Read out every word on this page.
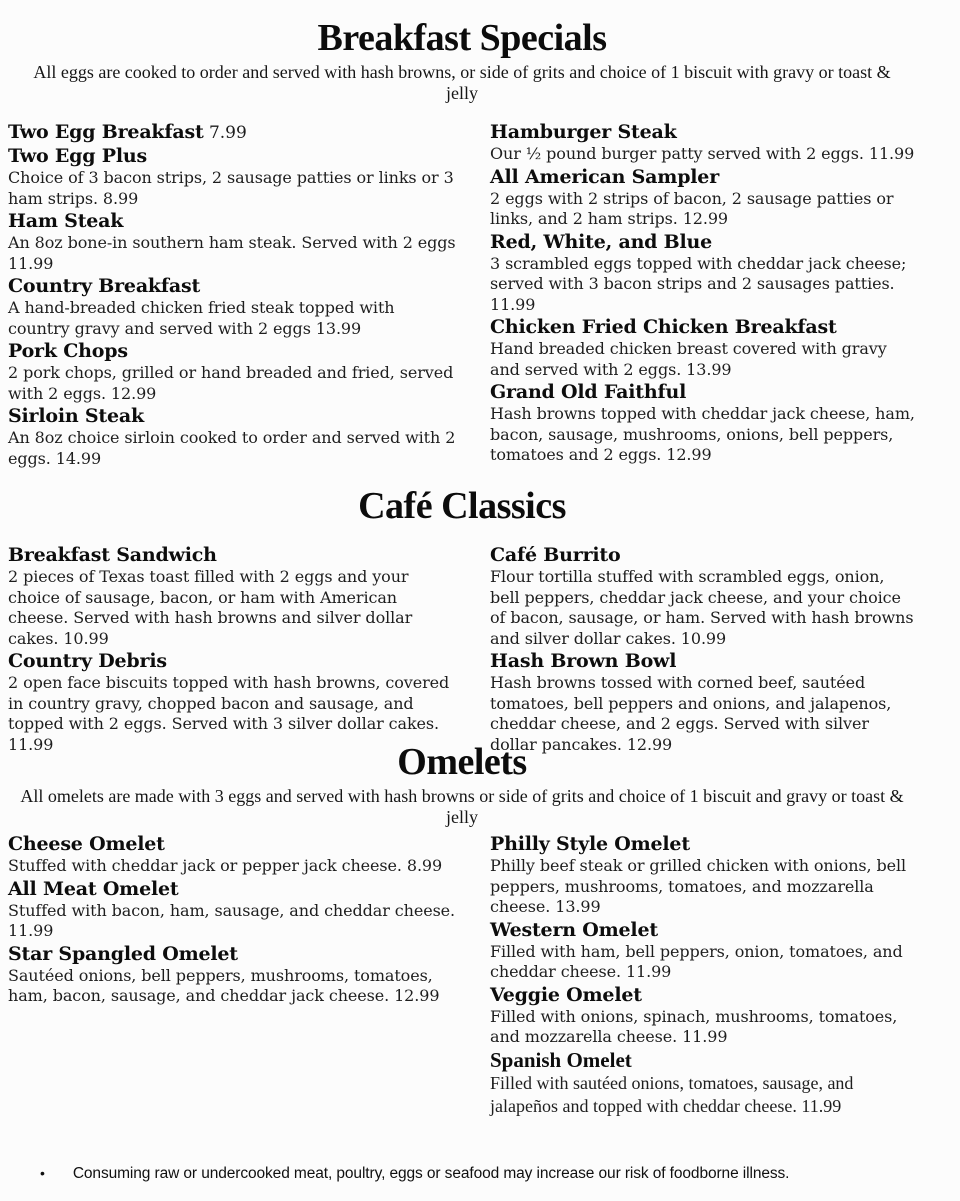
Breakfast Specials

All eggs are cooked to order and served with hash browns, or side of grits and choice of 1 biscuit with gravy or toast & jelly

Two Egg Breakfast 7.99
Two Egg Plus
Choice of 3 bacon strips, 2 sausage patties or links or 3 ham strips. 8.99
Ham Steak
An 8oz bone-in southern ham steak. Served with 2 eggs 11.99
Country Breakfast
A hand-breaded chicken fried steak topped with country gravy and served with 2 eggs 13.99
Pork Chops
2 pork chops, grilled or hand breaded and fried, served with 2 eggs. 12.99
Sirloin Steak
An 8oz choice sirloin cooked to order and served with 2 eggs. 14.99
Hamburger Steak
Our ½ pound burger patty served with 2 eggs. 11.99
All American Sampler
2 eggs with 2 strips of bacon, 2 sausage patties or links, and 2 ham strips. 12.99
Red, White, and Blue
3 scrambled eggs topped with cheddar jack cheese; served with 3 bacon strips and 2 sausages patties. 11.99
Chicken Fried Chicken Breakfast
Hand breaded chicken breast covered with gravy and served with 2 eggs. 13.99
Grand Old Faithful
Hash browns topped with cheddar jack cheese, ham, bacon, sausage, mushrooms, onions, bell peppers, tomatoes and 2 eggs. 12.99
Café Classics
Breakfast Sandwich
2 pieces of Texas toast filled with 2 eggs and your choice of sausage, bacon, or ham with American cheese. Served with hash browns and silver dollar cakes. 10.99
Country Debris
2 open face biscuits topped with hash browns, covered in country gravy, chopped bacon and sausage, and topped with 2 eggs. Served with 3 silver dollar cakes. 11.99
Café Burrito
Flour tortilla stuffed with scrambled eggs, onion, bell peppers, cheddar jack cheese, and your choice of bacon, sausage, or ham. Served with hash browns and silver dollar cakes. 10.99
Hash Brown Bowl
Hash browns tossed with corned beef, sautéed tomatoes, bell peppers and onions, and jalapenos, cheddar cheese, and 2 eggs. Served with silver dollar pancakes. 12.99
Omelets

All omelets are made with 3 eggs and served with hash browns or side of grits and choice of 1 biscuit and gravy or toast & jelly

Cheese Omelet
Stuffed with cheddar jack or pepper jack cheese. 8.99
All Meat Omelet
Stuffed with bacon, ham, sausage, and cheddar cheese. 11.99
Star Spangled Omelet
Sautéed onions, bell peppers, mushrooms, tomatoes, ham, bacon, sausage, and cheddar jack cheese. 12.99
Philly Style Omelet
Philly beef steak or grilled chicken with onions, bell peppers, mushrooms, tomatoes, and mozzarella cheese. 13.99
Western Omelet
Filled with ham, bell peppers, onion, tomatoes, and cheddar cheese. 11.99
Veggie Omelet
Filled with onions, spinach, mushrooms, tomatoes, and mozzarella cheese. 11.99
Spanish Omelet
Filled with sautéed onions, tomatoes, sausage, and jalapeños and topped with cheddar cheese. 11.99
• Consuming raw or undercooked meat, poultry, eggs or seafood may increase our risk of foodborne illness.
